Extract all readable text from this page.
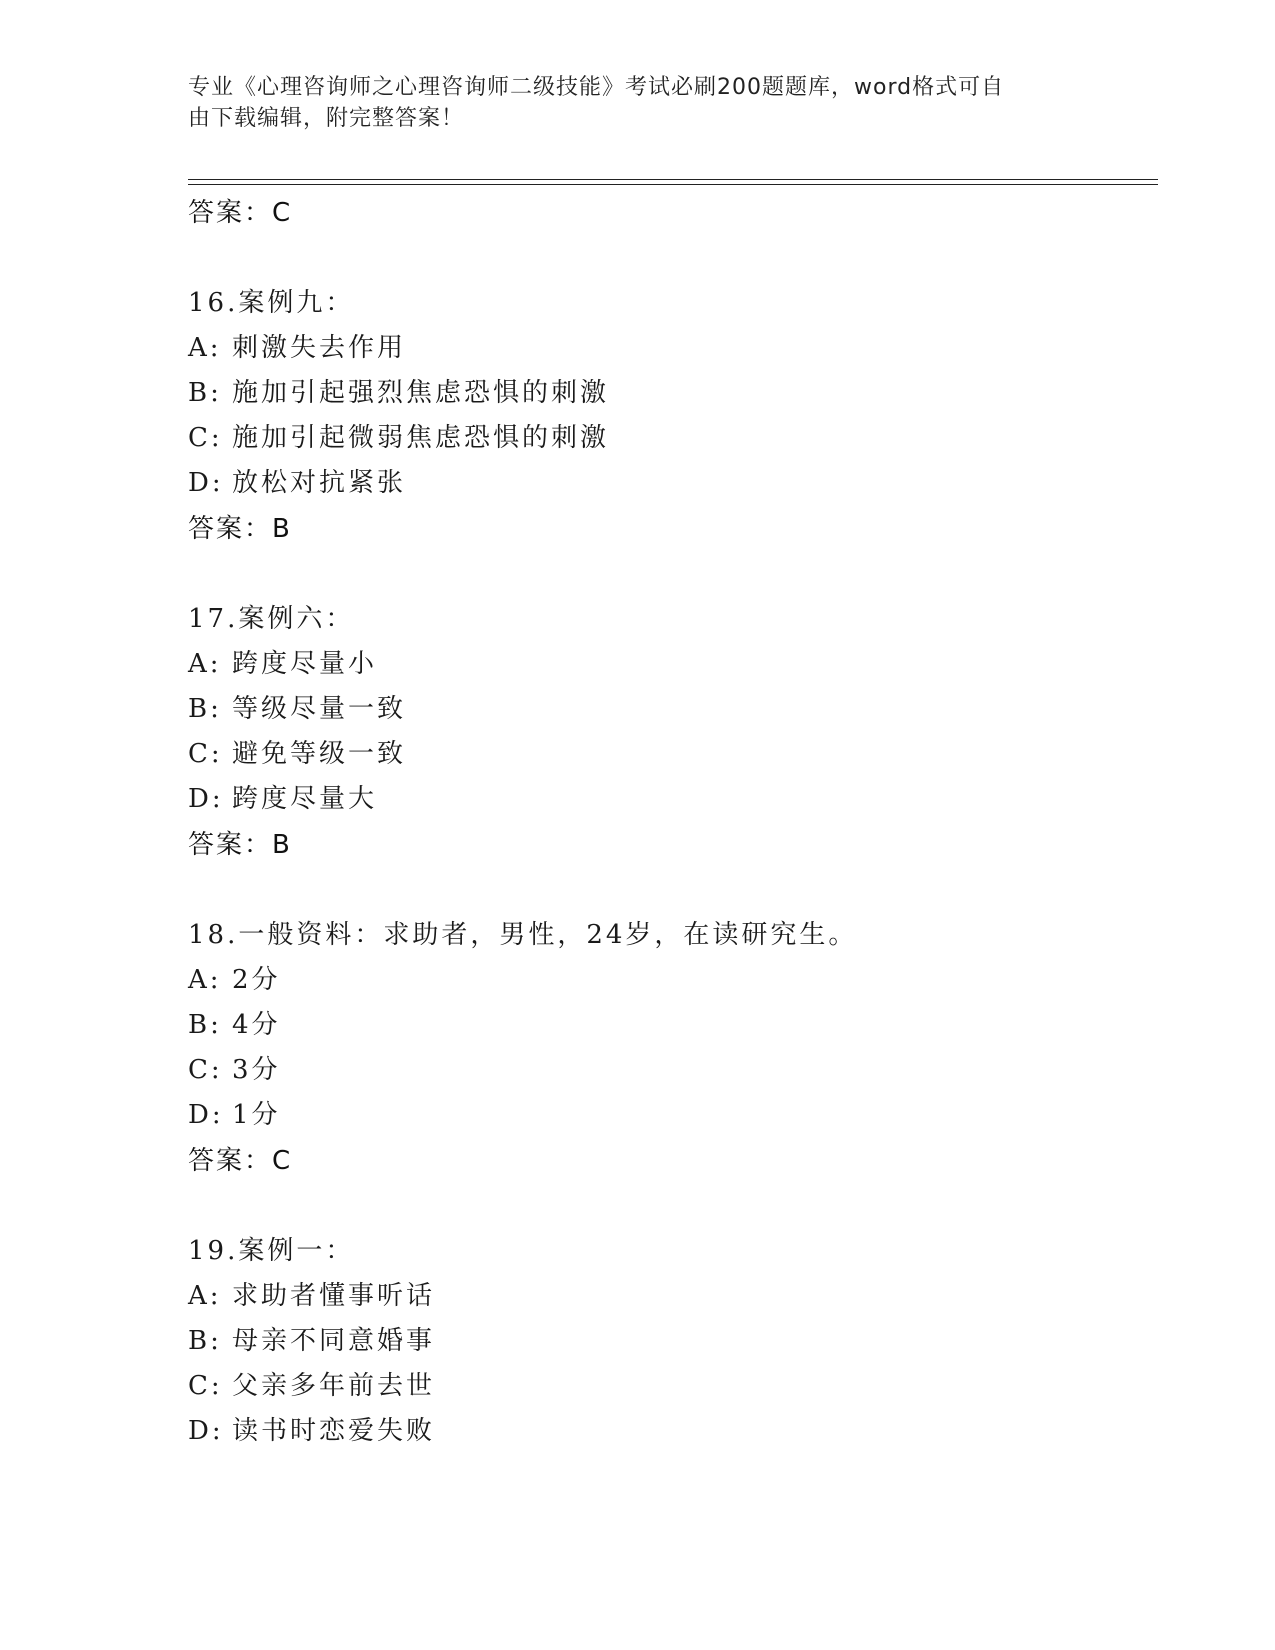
专业《心理咨询师之心理咨询师二级技能》考试必刷200题题库，word格式可自
由下载编辑，附完整答案！
答案：C
16.案例九：
A: 刺激失去作用
B: 施加引起强烈焦虑恐惧的刺激
C: 施加引起微弱焦虑恐惧的刺激
D: 放松对抗紧张
答案：B
17.案例六：
A: 跨度尽量小
B: 等级尽量一致
C: 避免等级一致
D: 跨度尽量大
答案：B
18.一般资料：求助者，男性，24岁，在读研究生。
A: 2分
B: 4分
C: 3分
D: 1分
答案：C
19.案例一：
A: 求助者懂事听话
B: 母亲不同意婚事
C: 父亲多年前去世
D: 读书时恋爱失败
